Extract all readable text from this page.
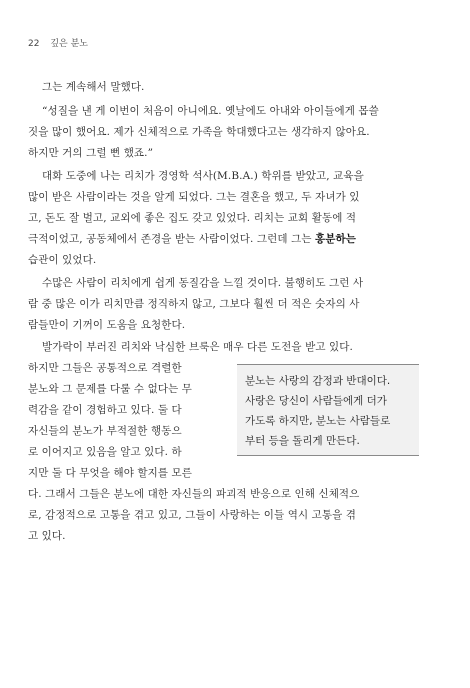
22 깊은 분노
그는 계속해서 말했다.
“성질을 낸 게 이번이 처음이 아니에요. 옛날에도 아내와 아이들에게 몹쓸
짓을 많이 했어요. 제가 신체적으로 가족을 학대했다고는 생각하지 않아요.
하지만 거의 그럴 뻔 했죠.”
대화 도중에 나는 리치가 경영학 석사(M.B.A.) 학위를 받았고, 교육을
많이 받은 사람이라는 것을 알게 되었다. 그는 결혼을 했고, 두 자녀가 있
고, 돈도 잘 벌고, 교외에 좋은 집도 갖고 있었다. 리치는 교회 활동에 적
극적이었고, 공동체에서 존경을 받는 사람이었다. 그런데 그는 홍분하는
습관이 있었다.
수많은 사람이 리치에게 쉽게 동질감을 느낄 것이다. 불행히도 그런 사
람 중 많은 이가 리치만큼 정직하지 않고, 그보다 훨씬 더 적은 숫자의 사
람들만이 기꺼이 도움을 요청한다.
발가락이 부러진 리치와 낙심한 브룩은 매우 다른 도전을 받고 있다.
하지만 그들은 공통적으로 격렬한
분노와 그 문제를 다룰 수 없다는 무
력감을 같이 경험하고 있다. 둘 다
자신들의 분노가 부적절한 행동으
로 이어지고 있음을 알고 있다. 하
지만 둘 다 무엇을 해야 할지를 모른
다. 그래서 그들은 분노에 대한 자신들의 파괴적 반응으로 인해 신체적으
로, 감정적으로 고통을 겪고 있고, 그들이 사랑하는 이들 역시 고통을 겪
고 있다.
분노는 사랑의 감정과 반대이다.
사랑은 당신이 사람들에게 더가
가도록 하지만, 분노는 사람들로
부터 등을 돌리게 만든다.
